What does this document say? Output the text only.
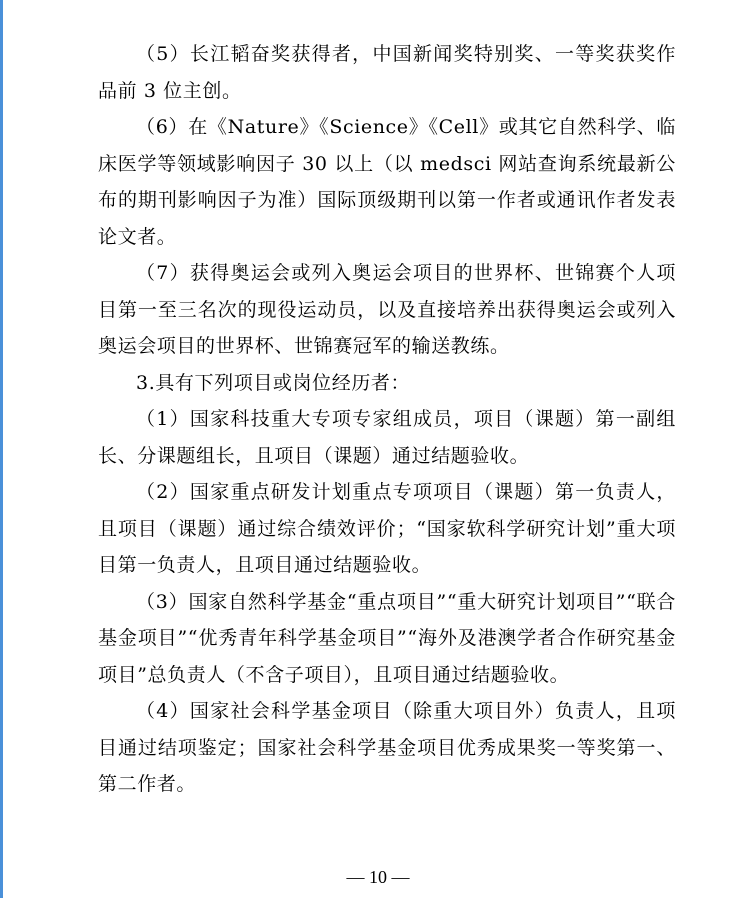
（5）长江韬奋奖获得者，中国新闻奖特别奖、一等奖获奖作品前 3 位主创。

（6）在《Nature》《Science》《Cell》或其它自然科学、临床医学等领域影响因子 30 以上（以 medsci 网站查询系统最新公布的期刊影响因子为准）国际顶级期刊以第一作者或通讯作者发表论文者。

（7）获得奥运会或列入奥运会项目的世界杯、世锦赛个人项目第一至三名次的现役运动员，以及直接培养出获得奥运会或列入奥运会项目的世界杯、世锦赛冠军的输送教练。

3.具有下列项目或岗位经历者：

（1）国家科技重大专项专家组成员，项目（课题）第一副组长、分课题组长，且项目（课题）通过结题验收。

（2）国家重点研发计划重点专项项目（课题）第一负责人，且项目（课题）通过综合绩效评价；“国家软科学研究计划”重大项目第一负责人，且项目通过结题验收。

（3）国家自然科学基金“重点项目”“重大研究计划项目”“联合基金项目”“优秀青年科学基金项目”“海外及港澳学者合作研究基金项目”总负责人（不含子项目），且项目通过结题验收。

（4）国家社会科学基金项目（除重大项目外）负责人，且项目通过结项鉴定；国家社会科学基金项目优秀成果奖一等奖第一、第二作者。

— 10 —
